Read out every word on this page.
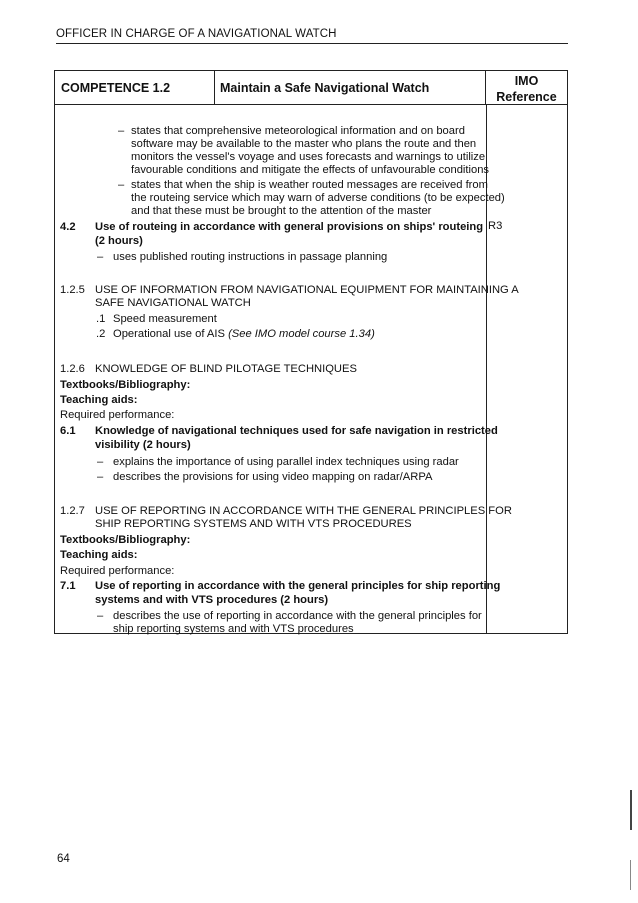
OFFICER IN CHARGE OF A NAVIGATIONAL WATCH
COMPETENCE 1.2	Maintain a Safe Navigational Watch	IMO
Reference
– states that comprehensive meteorological information and on board
software may be available to the master who plans the route and then
monitors the vessel's voyage and uses forecasts and warnings to utilize
favourable conditions and mitigate the effects of unfavourable conditions
– states that when the ship is weather routed messages are received from
the routeing service which may warn of adverse conditions (to be expected)
and that these must be brought to the attention of the master
4.2 Use of routeing in accordance with general provisions on ships' routeing
(2 hours)
R3
– uses published routing instructions in passage planning
1.2.5 USE OF INFORMATION FROM NAVIGATIONAL EQUIPMENT FOR MAINTAINING A
SAFE NAVIGATIONAL WATCH
.1 Speed measurement
.2 Operational use of AIS (See IMO model course 1.34)
1.2.6 KNOWLEDGE OF BLIND PILOTAGE TECHNIQUES
Textbooks/Bibliography:
Teaching aids:
Required performance:
6.1 Knowledge of navigational techniques used for safe navigation in restricted
visibility (2 hours)
– explains the importance of using parallel index techniques using radar
– describes the provisions for using video mapping on radar/ARPA
1.2.7 USE OF REPORTING IN ACCORDANCE WITH THE GENERAL PRINCIPLES FOR
SHIP REPORTING SYSTEMS AND WITH VTS PROCEDURES
Textbooks/Bibliography:
Teaching aids:
Required performance:
7.1 Use of reporting in accordance with the general principles for ship reporting
systems and with VTS procedures (2 hours)
– describes the use of reporting in accordance with the general principles for
ship reporting systems and with VTS procedures
64
